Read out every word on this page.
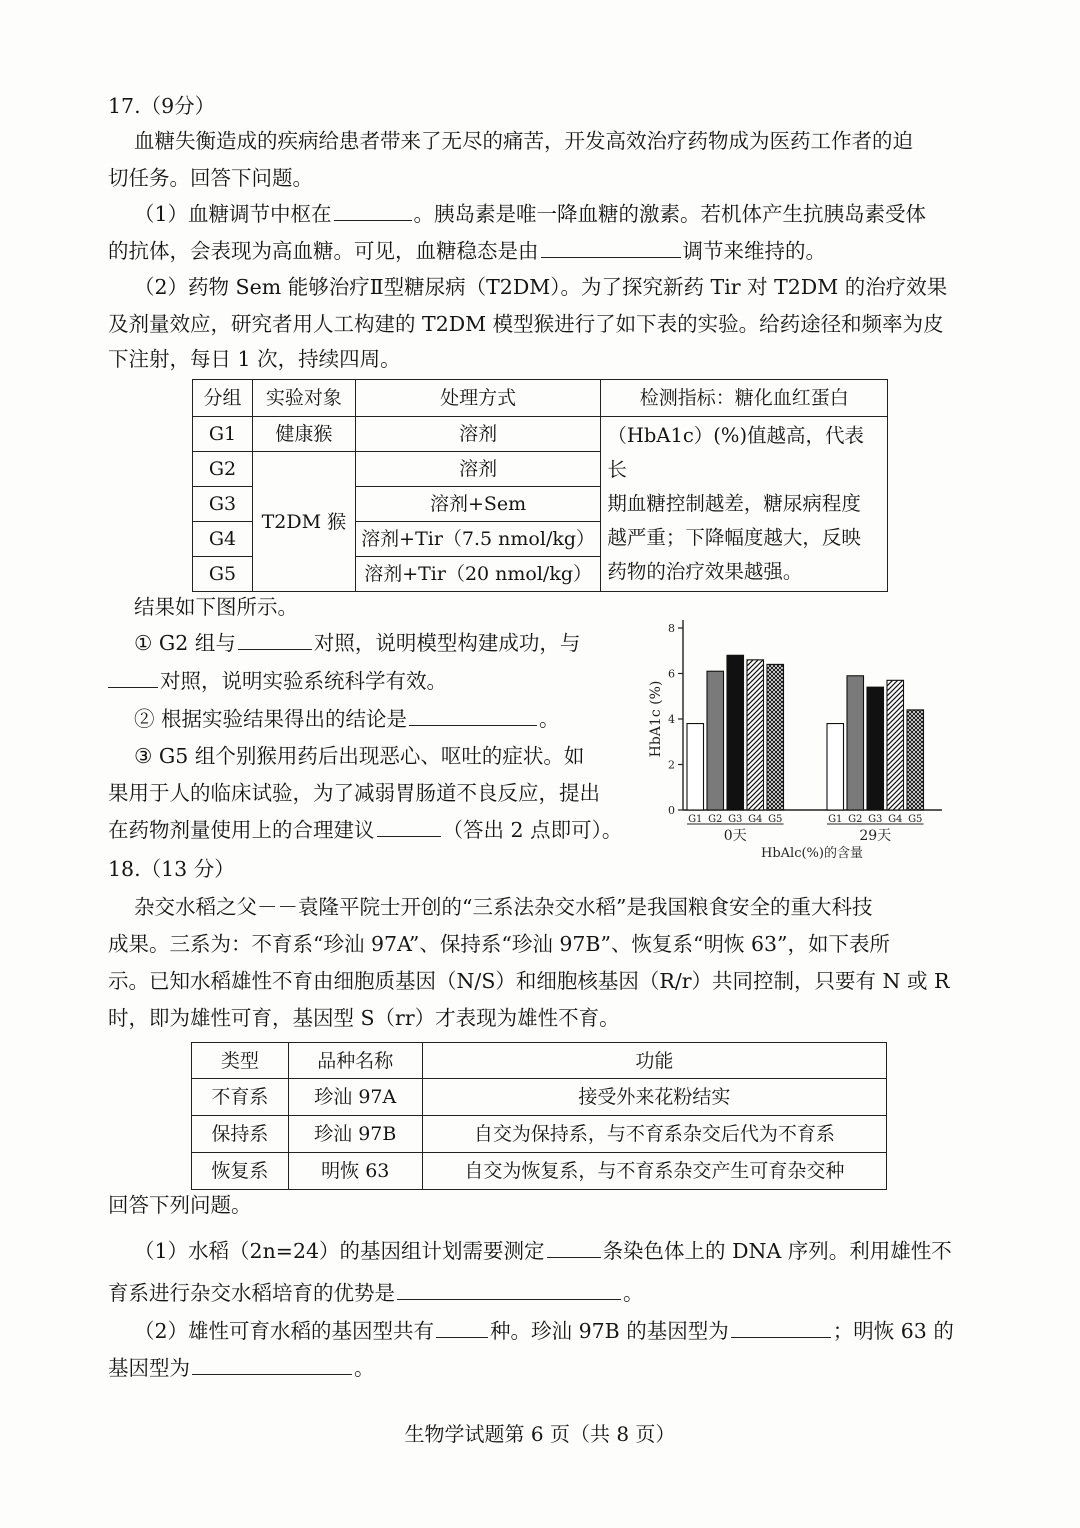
17.（9分）
血糖失衡造成的疾病给患者带来了无尽的痛苦，开发高效治疗药物成为医药工作者的迫
切任务。回答下问题。
（1）血糖调节中枢在	。胰岛素是唯一降血糖的激素。若机体产生抗胰岛素受体
的抗体，会表现为高血糖。可见，血糖稳态是由	调节来维持的。
（2）药物 Sem 能够治疗Ⅱ型糖尿病（T2DM）。为了探究新药 Tir 对 T2DM 的治疗效果
及剂量效应，研究者用人工构建的 T2DM 模型猴进行了如下表的实验。给药途径和频率为皮
下注射，每日 1 次，持续四周。
分组	实验对象	处理方式	检测指标：糖化血红蛋白
G1	健康猴	溶剂	（HbA1c）(%)值越高，代表长
期血糖控制越差，糖尿病程度
越严重；下降幅度越大，反映
药物的治疗效果越强。

G2	T2DM 猴	溶剂	
G3		溶剂+Sem	
G4		溶剂+Tir（7.5 nmol/kg）	
G5		溶剂+Tir（20 nmol/kg）	
结果如下图所示。
① G2 组与	对照，说明模型构建成功，与
对照，说明实验系统科学有效。
② 根据实验结果得出的结论是	。
③ G5 组个别猴用药后出现恶心、呕吐的症状。如
果用于人的临床试验，为了减弱胃肠道不良反应，提出
在药物剂量使用上的合理建议	（答出 2 点即可）。
0
2
4
6
8
HbA1c (%)
G1 G2 G3 G4 G5
0天
G1 G2 G3 G4 G5
29天
HbAlc(%)的含量
18.（13 分）
杂交水稻之父－－袁隆平院士开创的“三系法杂交水稻”是我国粮食安全的重大科技
成果。三系为：不育系“珍汕 97A”、保持系“珍汕 97B”、恢复系“明恢 63”，如下表所
示。已知水稻雄性不育由细胞质基因（N/S）和细胞核基因（R/r）共同控制，只要有 N 或 R
时，即为雄性可育，基因型 S（rr）才表现为雄性不育。
类型	品种名称	功能
不育系	珍汕 97A	接受外来花粉结实
保持系	珍汕 97B	自交为保持系，与不育系杂交后代为不育系
恢复系	明恢 63	自交为恢复系，与不育系杂交产生可育杂交种
回答下列问题。
（1）水稻（2n=24）的基因组计划需要测定	条染色体上的 DNA 序列。利用雄性不
育系进行杂交水稻培育的优势是	。
（2）雄性可育水稻的基因型共有	种。珍汕 97B 的基因型为	；明恢 63 的
基因型为	。
生物学试题第 6 页（共 8 页）
